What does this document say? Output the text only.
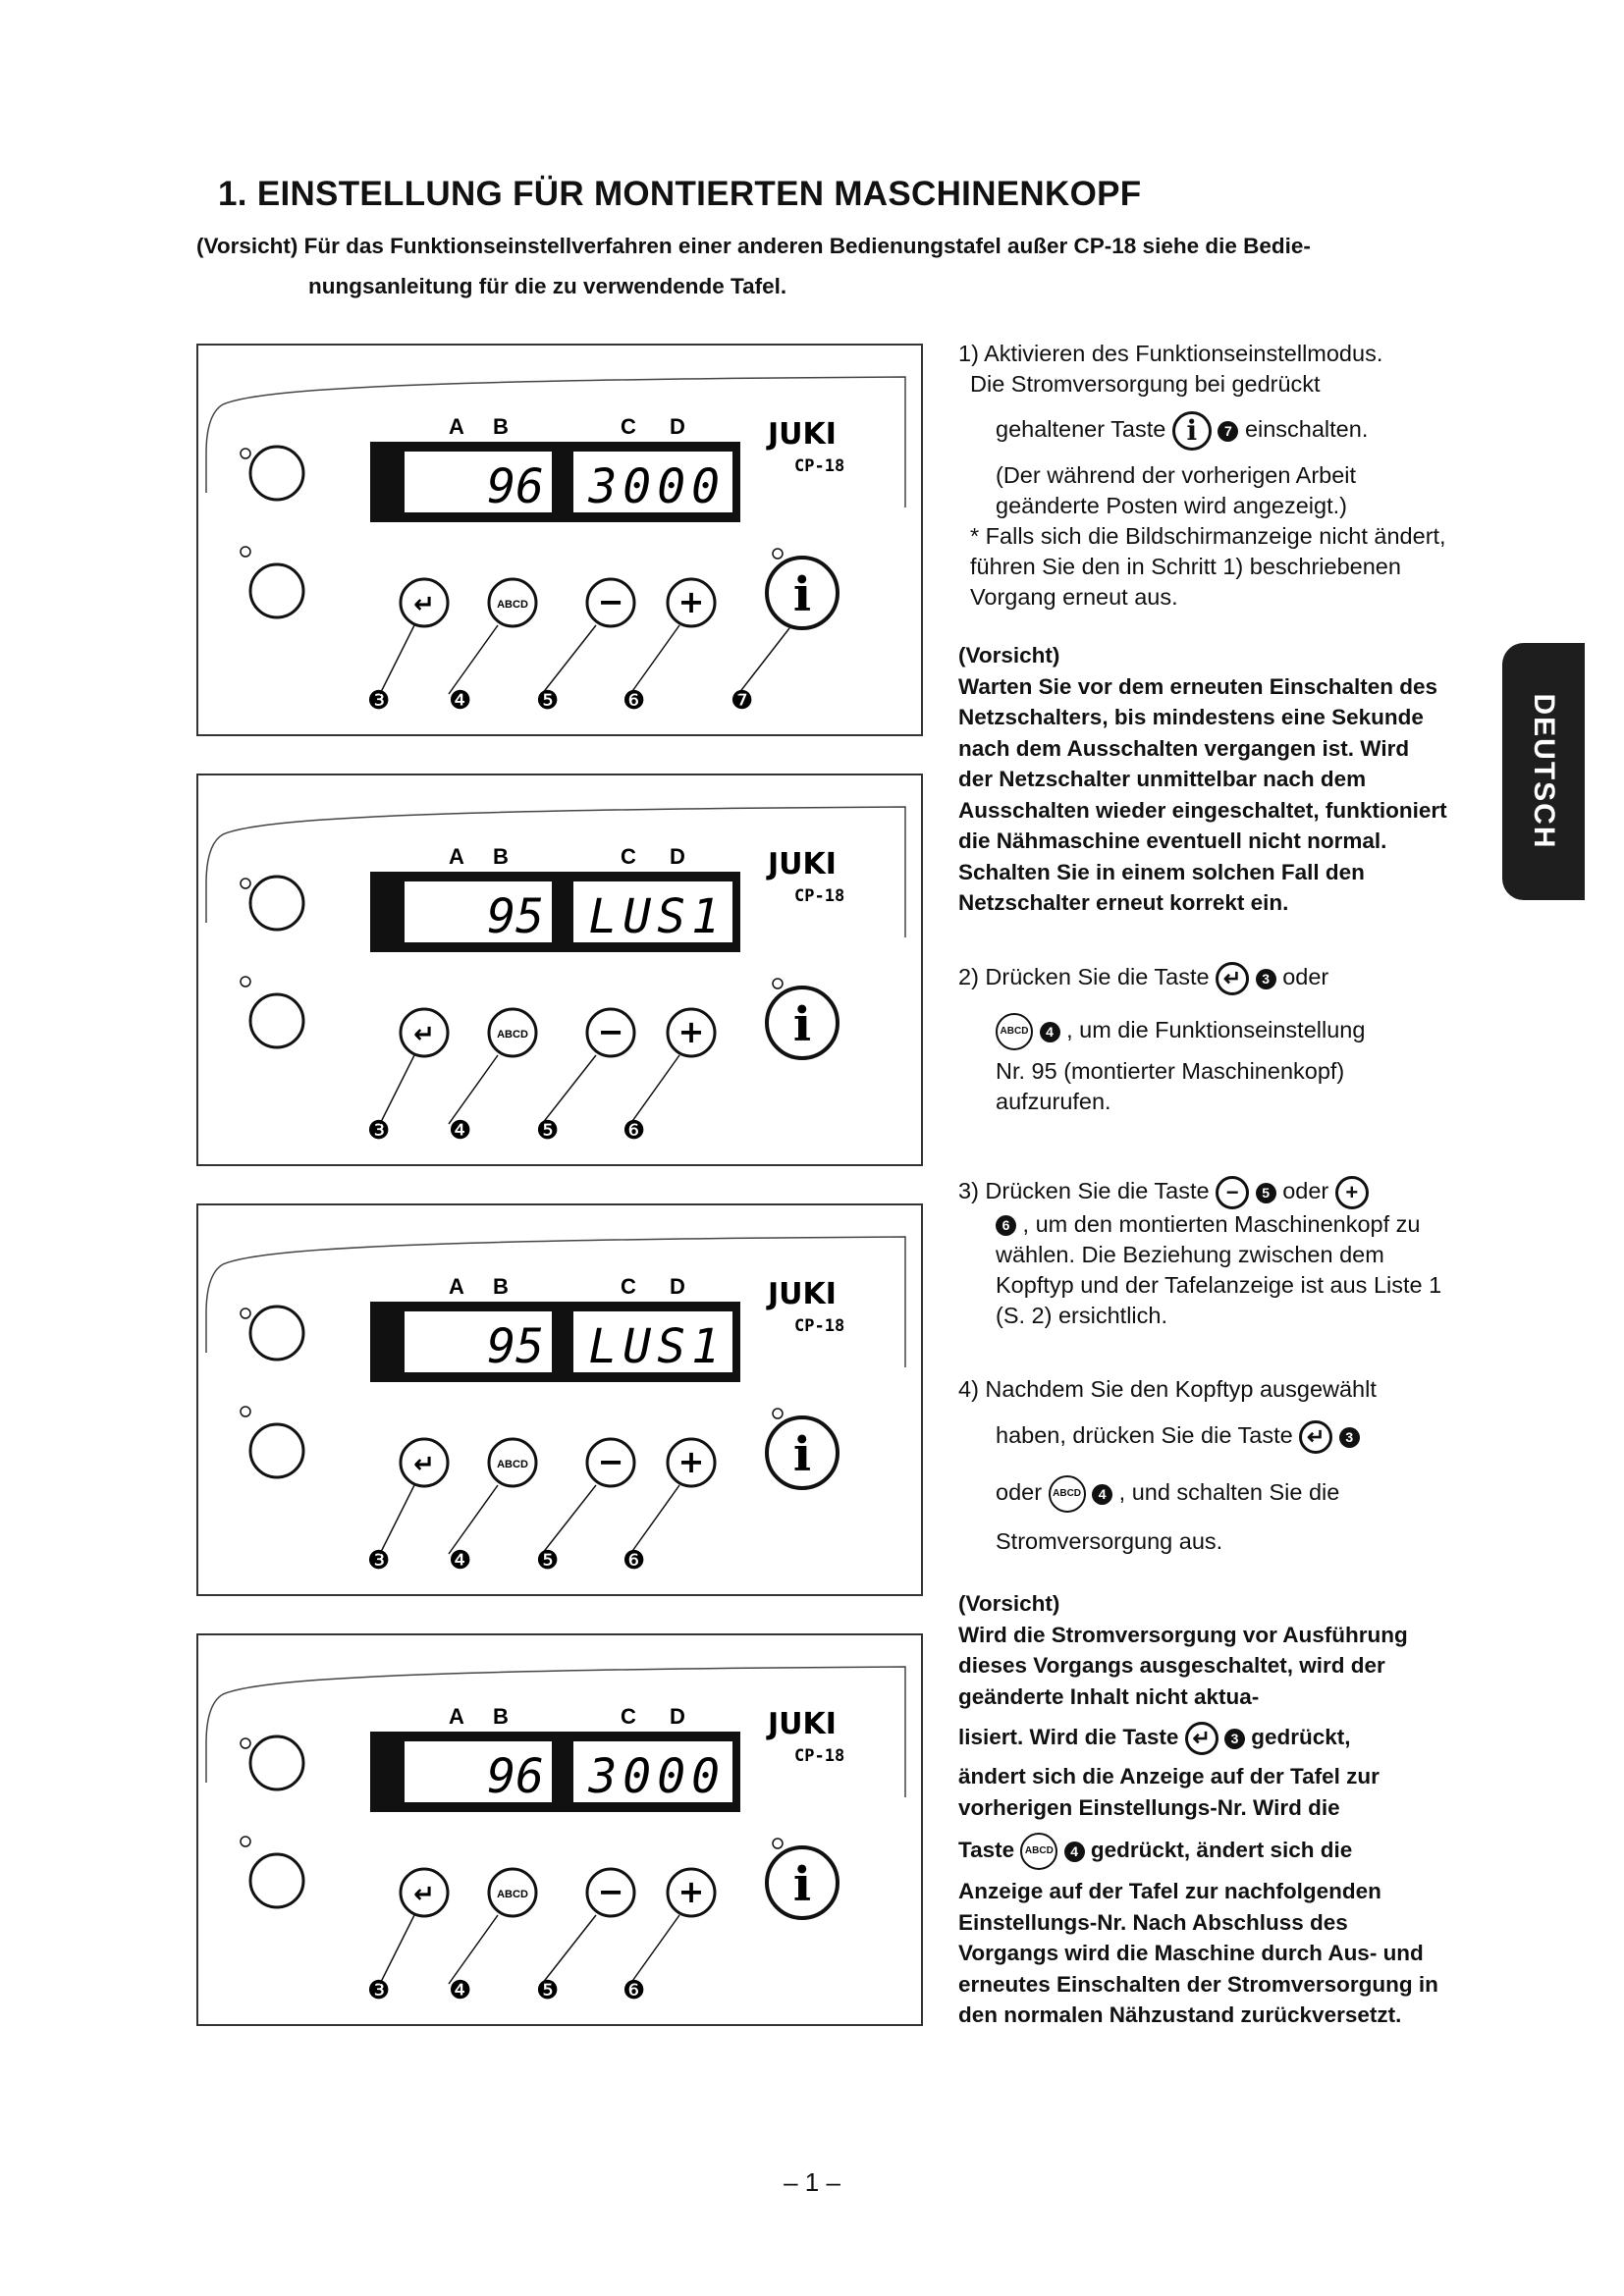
1. EINSTELLUNG FÜR MONTIERTEN MASCHINENKOPF
(Vorsicht) Für das Funktionseinstellverfahren einer anderen Bedienungstafel außer CP-18 siehe die Bedie-
nungsanleitung für die zu verwendende Tafel.
A B	C D
96 3000
JUKI
CP-18
↵	ABCD − + i
❸ ❹	❺ ❻	❼
A B	C D
95 LUS1
JUKI
CP-18
↵	ABCD − + i
❸ ❹	❺ ❻
A B	C D
95 LUS1
JUKI
CP-18
↵	ABCD − + i
❸ ❹	❺ ❻
A B	C D
96 3000
JUKI
CP-18
↵	ABCD − + i
❸ ❹	❺ ❻

1) Aktivieren des Funktionseinstellmodus.

Die Stromversorgung bei gedrückt

gehaltener Taste i 7 einschalten.

(Der während der vorherigen Arbeit geänderte Posten wird angezeigt.)

* Falls sich die Bildschirmanzeige nicht ändert, führen Sie den in Schritt 1) beschriebenen Vorgang erneut aus.

(Vorsicht)

Warten Sie vor dem erneuten Einschalten des Netzschalters, bis mindestens eine Sekunde nach dem Ausschalten vergangen ist. Wird der Netzschalter unmittelbar nach dem Ausschalten wieder eingeschaltet, funktioniert die Nähmaschine eventuell nicht normal. Schalten Sie in einem solchen Fall den Netzschalter erneut korrekt ein.

2) Drücken Sie die Taste ↵ 3 oder

ABCD 4 , um die Funktionseinstellung

Nr. 95 (montierter Maschinenkopf) aufzurufen.

3) Drücken Sie die Taste − 5 oder +

6 , um den montierten Maschinenkopf zu wählen. Die Beziehung zwischen dem Kopftyp und der Tafelanzeige ist aus Liste 1 (S. 2) ersichtlich.

4) Nachdem Sie den Kopftyp ausgewählt

haben, drücken Sie die Taste ↵ 3

oder ABCD 4 , und schalten Sie die

Stromversorgung aus.

(Vorsicht)

Wird die Stromversorgung vor Ausführung dieses Vorgangs ausgeschaltet, wird der geänderte Inhalt nicht aktua-

lisiert. Wird die Taste ↵ 3 gedrückt,

ändert sich die Anzeige auf der Tafel zur vorherigen Einstellungs-Nr. Wird die

Taste ABCD 4 gedrückt, ändert sich die

Anzeige auf der Tafel zur nachfolgenden Einstellungs-Nr. Nach Abschluss des Vorgangs wird die Maschine durch Aus- und erneutes Einschalten der Stromversorgung in den normalen Nähzustand zurückversetzt.

DEUTSCH
– 1 –
